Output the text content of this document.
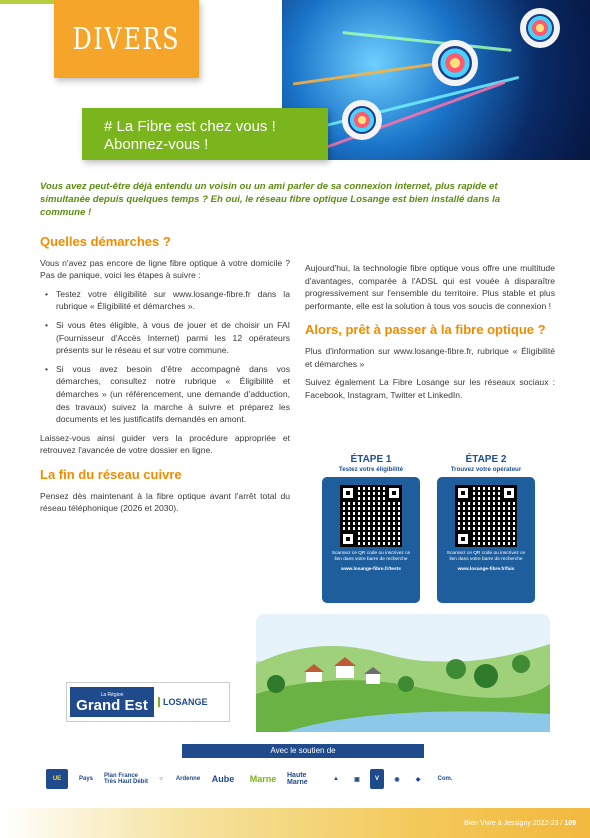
DIVERS
# La Fibre est chez vous !
Abonnez-vous !
Vous avez peut-être déjà entendu un voisin ou un ami parler de sa connexion internet, plus rapide et simultanée depuis quelques temps ? Eh oui, le réseau fibre optique Losange est bien installé dans la commune !
Quelles démarches ?

Vous n'avez pas encore de ligne fibre optique à votre domicile ? Pas de panique, voici les étapes à suivre :

• Testez votre éligibilité sur www.losange-fibre.fr dans la rubrique « Éligibilité et démarches ».
• Si vous êtes éligible, à vous de jouer et de choisir un FAI (Fournisseur d'Accès Internet) parmi les 12 opérateurs présents sur le réseau et sur votre commune.
• Si vous avez besoin d'être accompagné dans vos démarches, consultez notre rubrique « Éligibilité et démarches » (un référencement, une demande d'adduction, des travaux) suivez la marche à suivre et préparez les documents et les justificatifs demandés en amont.

Laissez-vous ainsi guider vers la procédure appropriée et retrouvez l'avancée de votre dossier en ligne.

La fin du réseau cuivre

Pensez dès maintenant à la fibre optique avant l'arrêt total du réseau téléphonique (2026 et 2030).

Aujourd'hui, la technologie fibre optique vous offre une multitude d'avantages, comparée à l'ADSL qui est vouée à disparaître progressivement sur l'ensemble du territoire. Plus stable et plus performante, elle est la solution à tous vos soucis de connexion !

Alors, prêt à passer à la fibre optique ?

Plus d'information sur www.losange-fibre.fr, rubrique « Éligibilité et démarches »

Suivez également La Fibre Losange sur les réseaux sociaux : Facebook, Instagram, Twitter et LinkedIn.

ÉTAPE 1
Testez votre éligibilité
Scannez ce QR code ou inscrivez ce lien dans votre barre de recherche
www.losange-fibre.fr/tests
ÉTAPE 2
Trouvez votre opérateur
Scannez ce QR code ou inscrivez ce lien dans votre barre de recherche
www.losange-fibre.fr/fais
La Région
Grand Est	LOSANGE
Avec le soutien de
UE	Pays	Plan France Très Haut Débit	○	Ardenne	Aube	Marne	Haute Marne	▲	▣	V	◉	◆	Com.
Bien Vivre à Jessigny 2022-23 / 109
